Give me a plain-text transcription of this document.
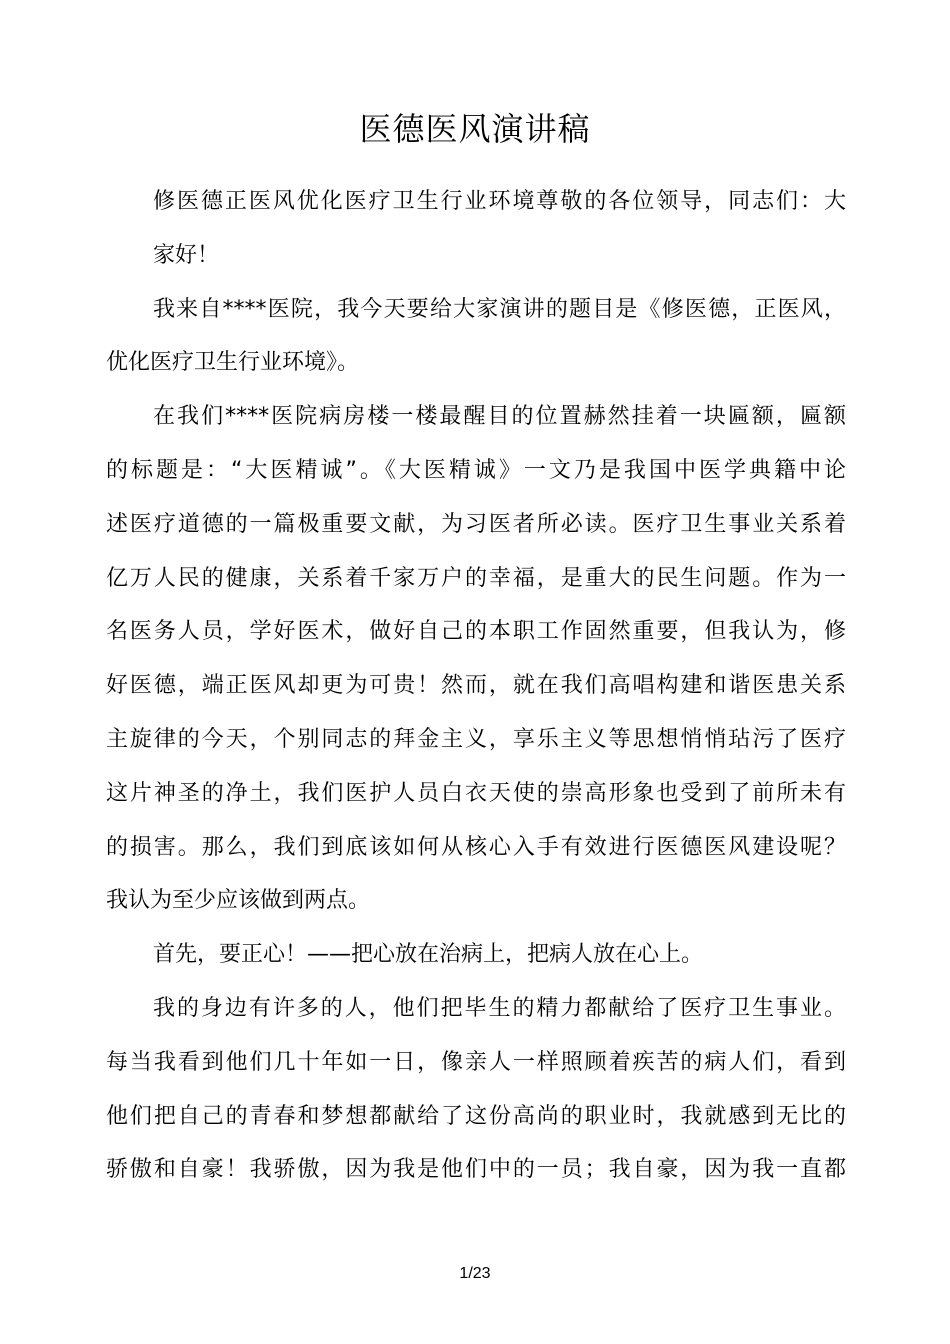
医德医风演讲稿
修医德正医风优化医疗卫生行业环境尊敬的各位领导，同志们：大
家好！
我来自****医院，我今天要给大家演讲的题目是《修医德，正医风，
优化医疗卫生行业环境》。
在我们****医院病房楼一楼最醒目的位置赫然挂着一块匾额，匾额
的标题是：“大医精诚”。《大医精诚》一文乃是我国中医学典籍中论
述医疗道德的一篇极重要文献，为习医者所必读。医疗卫生事业关系着
亿万人民的健康，关系着千家万户的幸福，是重大的民生问题。作为一
名医务人员，学好医术，做好自己的本职工作固然重要，但我认为，修
好医德，端正医风却更为可贵！然而，就在我们高唱构建和谐医患关系
主旋律的今天，个别同志的拜金主义，享乐主义等思想悄悄玷污了医疗
这片神圣的净土，我们医护人员白衣天使的崇高形象也受到了前所未有
的损害。那么，我们到底该如何从核心入手有效进行医德医风建设呢？
我认为至少应该做到两点。
首先，要正心！——把心放在治病上，把病人放在心上。
我的身边有许多的人，他们把毕生的精力都献给了医疗卫生事业。
每当我看到他们几十年如一日，像亲人一样照顾着疾苦的病人们，看到
他们把自己的青春和梦想都献给了这份高尚的职业时，我就感到无比的
骄傲和自豪！我骄傲，因为我是他们中的一员；我自豪，因为我一直都
1/23
